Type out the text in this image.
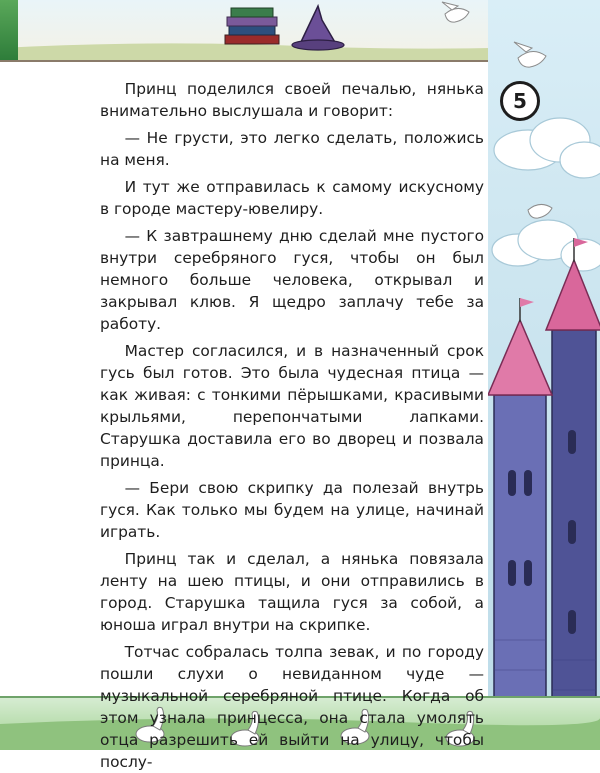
5

Принц поделился своей печалью, нянька внимательно выслушала и говорит:

— Не грусти, это легко сделать, положись на меня.

И тут же отправилась к самому искусному в городе мастеру-ювелиру.

— К завтрашнему дню сделай мне пустого внутри серебряного гуся, чтобы он был немного больше человека, открывал и закрывал клюв. Я щедро заплачу тебе за работу.

Мастер согласился, и в назначенный срок гусь был готов. Это была чудесная птица — как живая: с тонкими пёрышками, красивыми крыльями, перепончатыми лапками. Старушка доставила его во дворец и позвала принца.

— Бери свою скрипку да полезай внутрь гуся. Как только мы будем на улице, начинай играть.

Принц так и сделал, а нянька повязала ленту на шею птицы, и они отправились в город. Старушка тащила гуся за собой, а юноша играл внутри на скрипке.

Тотчас собралась толпа зевак, и по городу пошли слухи о невиданном чуде — музыкальной серебряной птице. Когда об этом узнала принцесса, она стала умолять отца разрешить ей выйти на улицу, чтобы послу-
